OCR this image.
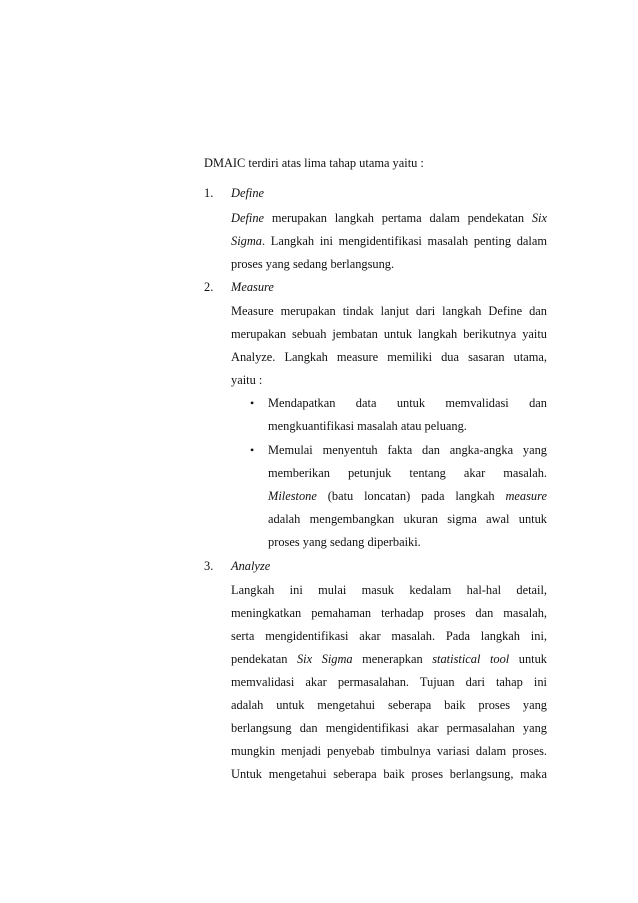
DMAIC terdiri atas lima tahap utama yaitu :
1. Define
Define merupakan langkah pertama dalam pendekatan Six
Sigma. Langkah ini mengidentifikasi masalah penting dalam
proses yang sedang berlangsung.
2. Measure
Measure merupakan tindak lanjut dari langkah Define dan
merupakan sebuah jembatan untuk langkah berikutnya yaitu
Analyze. Langkah measure memiliki dua sasaran utama,
yaitu :
• Mendapatkan data untuk memvalidasi dan
mengkuantifikasi masalah atau peluang.
• Memulai menyentuh fakta dan angka-angka yang
memberikan petunjuk tentang akar masalah.
Milestone (batu loncatan) pada langkah measure
adalah mengembangkan ukuran sigma awal untuk
proses yang sedang diperbaiki.
3. Analyze
Langkah ini mulai masuk kedalam hal-hal detail,
meningkatkan pemahaman terhadap proses dan masalah,
serta mengidentifikasi akar masalah. Pada langkah ini,
pendekatan Six Sigma menerapkan statistical tool untuk
memvalidasi akar permasalahan. Tujuan dari tahap ini
adalah untuk mengetahui seberapa baik proses yang
berlangsung dan mengidentifikasi akar permasalahan yang
mungkin menjadi penyebab timbulnya variasi dalam proses.
Untuk mengetahui seberapa baik proses berlangsung, maka
